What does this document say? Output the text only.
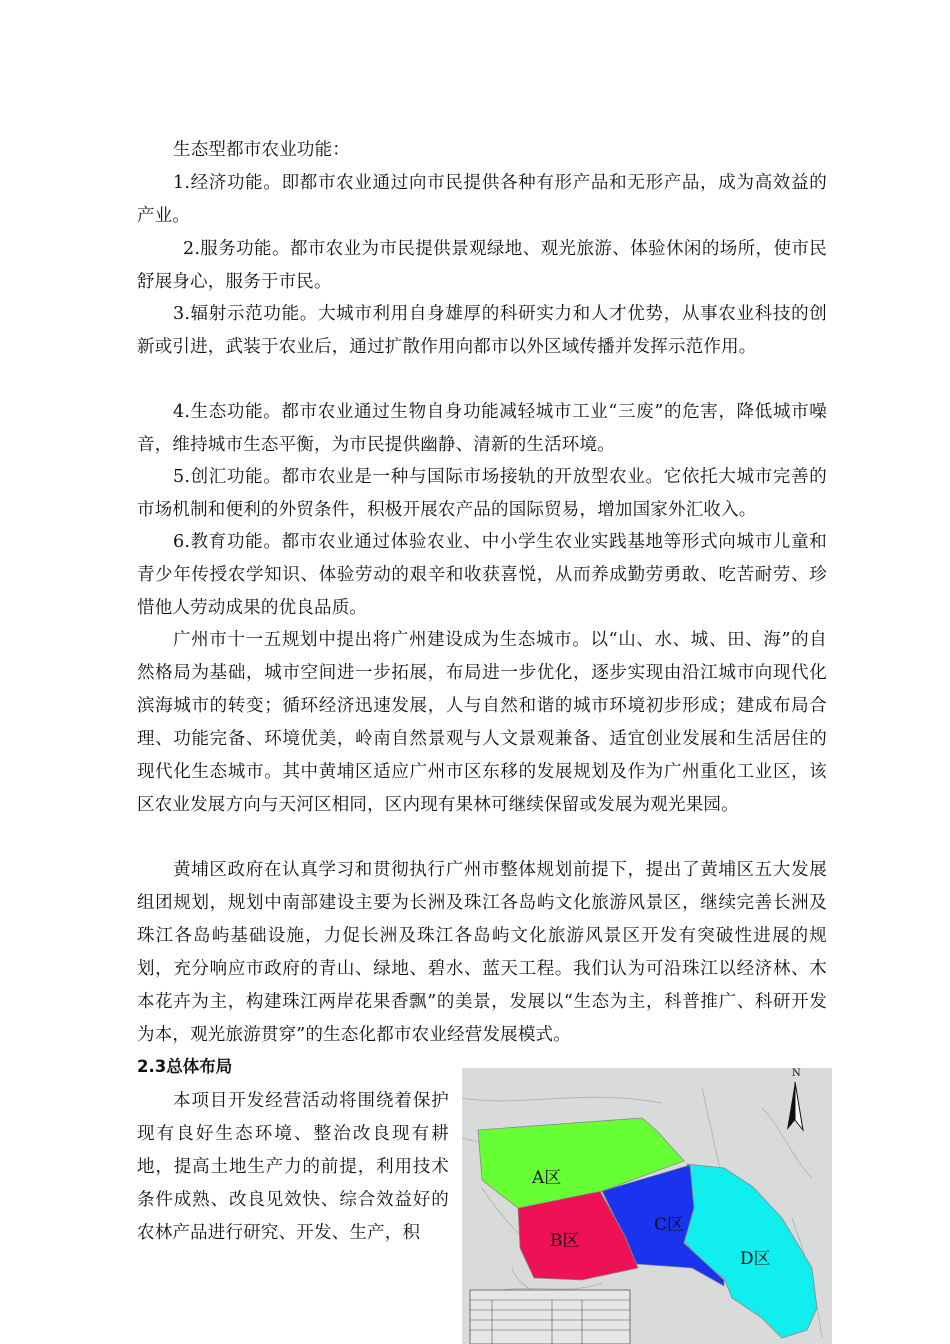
生态型都市农业功能：

1.经济功能。即都市农业通过向市民提供各种有形产品和无形产品，成为高效益的产业。

2.服务功能。都市农业为市民提供景观绿地、观光旅游、体验休闲的场所，使市民舒展身心，服务于市民。

3.辐射示范功能。大城市利用自身雄厚的科研实力和人才优势，从事农业科技的创新或引进，武装于农业后，通过扩散作用向都市以外区域传播并发挥示范作用。

4.生态功能。都市农业通过生物自身功能减轻城市工业“三废”的危害，降低城市噪音，维持城市生态平衡，为市民提供幽静、清新的生活环境。

5.创汇功能。都市农业是一种与国际市场接轨的开放型农业。它依托大城市完善的市场机制和便利的外贸条件，积极开展农产品的国际贸易，增加国家外汇收入。

6.教育功能。都市农业通过体验农业、中小学生农业实践基地等形式向城市儿童和青少年传授农学知识、体验劳动的艰辛和收获喜悦，从而养成勤劳勇敢、吃苦耐劳、珍惜他人劳动成果的优良品质。

广州市十一五规划中提出将广州建设成为生态城市。以“山、水、城、田、海”的自然格局为基础，城市空间进一步拓展，布局进一步优化，逐步实现由沿江城市向现代化滨海城市的转变；循环经济迅速发展，人与自然和谐的城市环境初步形成；建成布局合理、功能完备、环境优美，岭南自然景观与人文景观兼备、适宜创业发展和生活居住的现代化生态城市。其中黄埔区适应广州市区东移的发展规划及作为广州重化工业区，该区农业发展方向与天河区相同，区内现有果林可继续保留或发展为观光果园。

黄埔区政府在认真学习和贯彻执行广州市整体规划前提下，提出了黄埔区五大发展组团规划，规划中南部建设主要为长洲及珠江各岛屿文化旅游风景区，继续完善长洲及珠江各岛屿基础设施，力促长洲及珠江各岛屿文化旅游风景区开发有突破性进展的规划，充分响应市政府的青山、绿地、碧水、蓝天工程。我们认为可沿珠江以经济林、木本花卉为主，构建珠江两岸花果香飘”的美景，发展以“生态为主，科普推广、科研开发为本，观光旅游贯穿”的生态化都市农业经营发展模式。

2.3总体布局

本项目开发经营活动将围绕着保护现有良好生态环境、整治改良现有耕地，提高土地生产力的前提，利用技术条件成熟、改良见效快、综合效益好的农林产品进行研究、开发、生产，积

N
A区
B区
C区
D区
